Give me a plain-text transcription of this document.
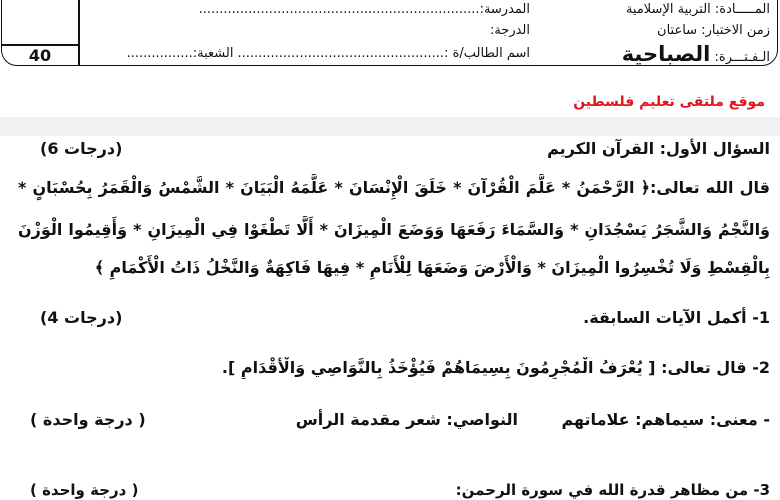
40
المـــــادة: التربية الإسلامية
زمن الاختبار: ساعتان
الـفـتـــرة: الصباحية
المدرسة:....................................................................
الدرجة:
اسم الطالب/ة :..................................................الشعبة:................
موقع ملتقى تعليم فلسطين
السؤال الأول: القرآن الكريم
(6 درجات)
قال الله تعالى:﴿ الرَّحْمَنُ * عَلَّمَ الْقُرْآنَ * خَلَقَ الْإِنْسَانَ * عَلَّمَهُ الْبَيَانَ * الشَّمْسُ وَالْقَمَرُ بِحُسْبَانٍ *
وَالنَّجْمُ وَالشَّجَرُ يَسْجُدَانِ * وَالسَّمَاءَ رَفَعَهَا وَوَضَعَ الْمِيزَانَ * أَلَّا تَطْغَوْا فِي الْمِيزَانِ * وَأَقِيمُوا الْوَزْنَ
بِالْقِسْطِ وَلَا تُخْسِرُوا الْمِيزَانَ * وَالْأَرْضَ وَضَعَهَا لِلْأَنَامِ * فِيهَا فَاكِهَةٌ وَالنَّخْلُ ذَاتُ الْأَكْمَامِ ﴾
1- أكمل الآيات السابقة.
(4 درجات)
2- قال تعالى: [ يُعْرَفُ الْمُجْرِمُونَ بِسِيمَاهُمْ فَيُؤْخَذُ بِالنَّوَاصِي وَالْأَقْدَامِ ].
- معنى: سيماهم: علاماتهم
النواصي: شعر مقدمة الرأس
( درجة واحدة )
3- من مظاهر قدرة الله في سورة الرحمن:
( درجة واحدة )
